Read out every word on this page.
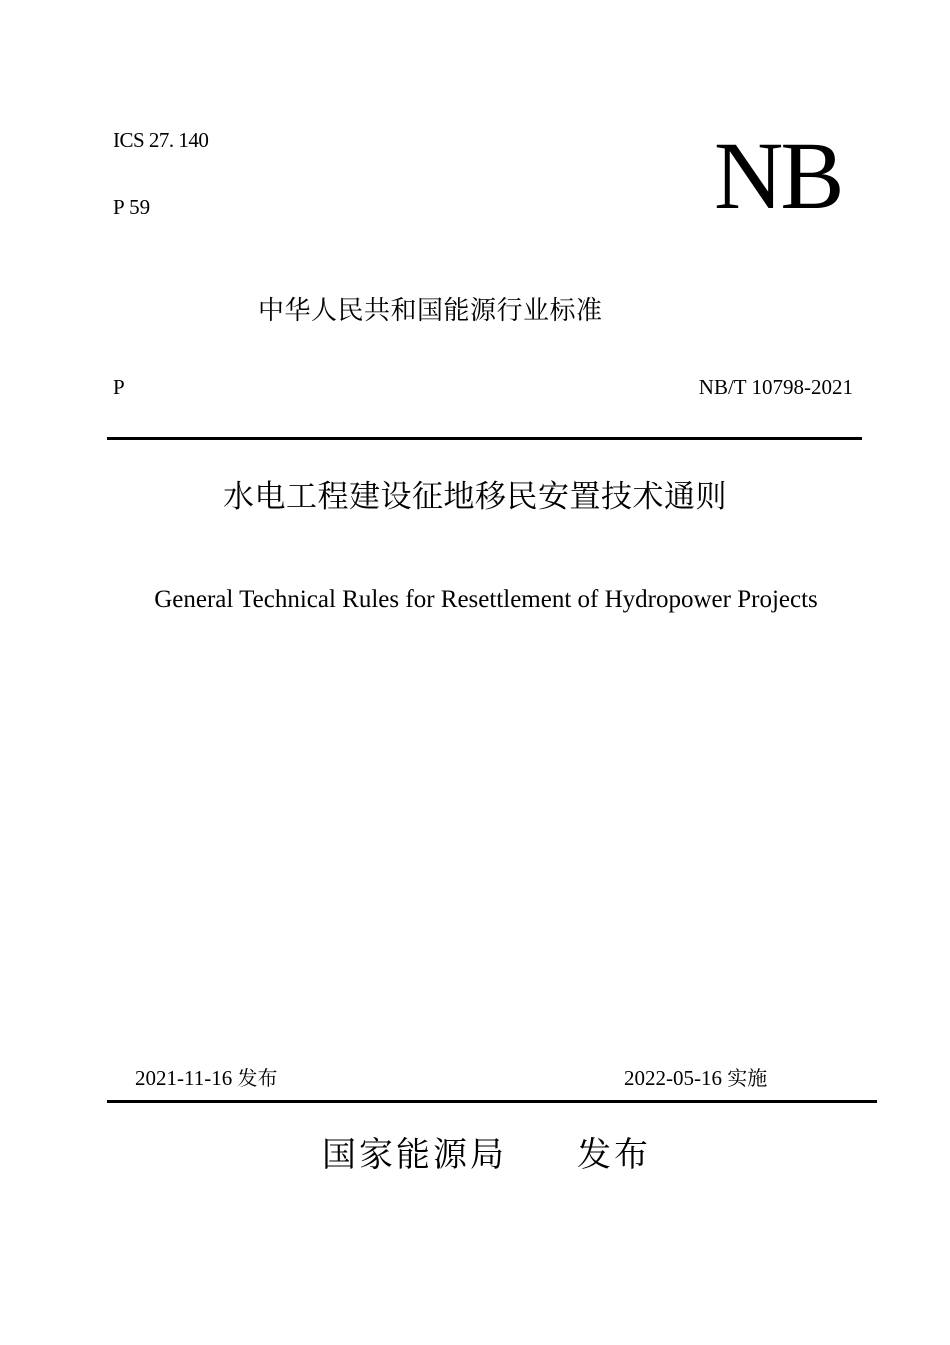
ICS 27. 140
P 59	NB
中华人民共和国能源行业标准
P	NB/T 10798-2021
水电工程建设征地移民安置技术通则
General Technical Rules for Resettlement of Hydropower Projects
2021-11-16 发布	2022-05-16 实施
国家能源局 发布
